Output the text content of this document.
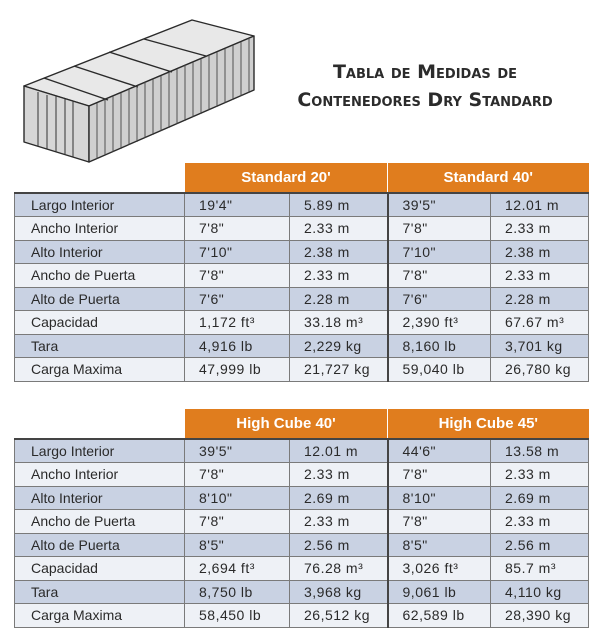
Tabla de Medidas de
Contenedores Dry Standard
	Standard 20'		Standard 40'	
Largo Interior	19'4"	5.89 m	39'5"	12.01 m
Ancho Interior	7'8"	2.33 m	7'8"	2.33 m
Alto Interior	7'10"	2.38 m	7'10"	2.38 m
Ancho de Puerta	7'8"	2.33 m	7'8"	2.33 m
Alto de Puerta	7'6"	2.28 m	7'6"	2.28 m
Capacidad	1,172 ft³	33.18 m³	2,390 ft³	67.67 m³
Tara	4,916 lb	2,229 kg	8,160 lb	3,701 kg
Carga Maxima	47,999 lb	21,727 kg	59,040 lb	26,780 kg
	High Cube 40'		High Cube 45'	
Largo Interior	39'5"	12.01 m	44'6"	13.58 m
Ancho Interior	7'8"	2.33 m	7'8"	2.33 m
Alto Interior	8'10"	2.69 m	8'10"	2.69 m
Ancho de Puerta	7'8"	2.33 m	7'8"	2.33 m
Alto de Puerta	8'5"	2.56 m	8'5"	2.56 m
Capacidad	2,694 ft³	76.28 m³	3,026 ft³	85.7 m³
Tara	8,750 lb	3,968 kg	9,061 lb	4,110 kg
Carga Maxima	58,450 lb	26,512 kg	62,589 lb	28,390 kg
